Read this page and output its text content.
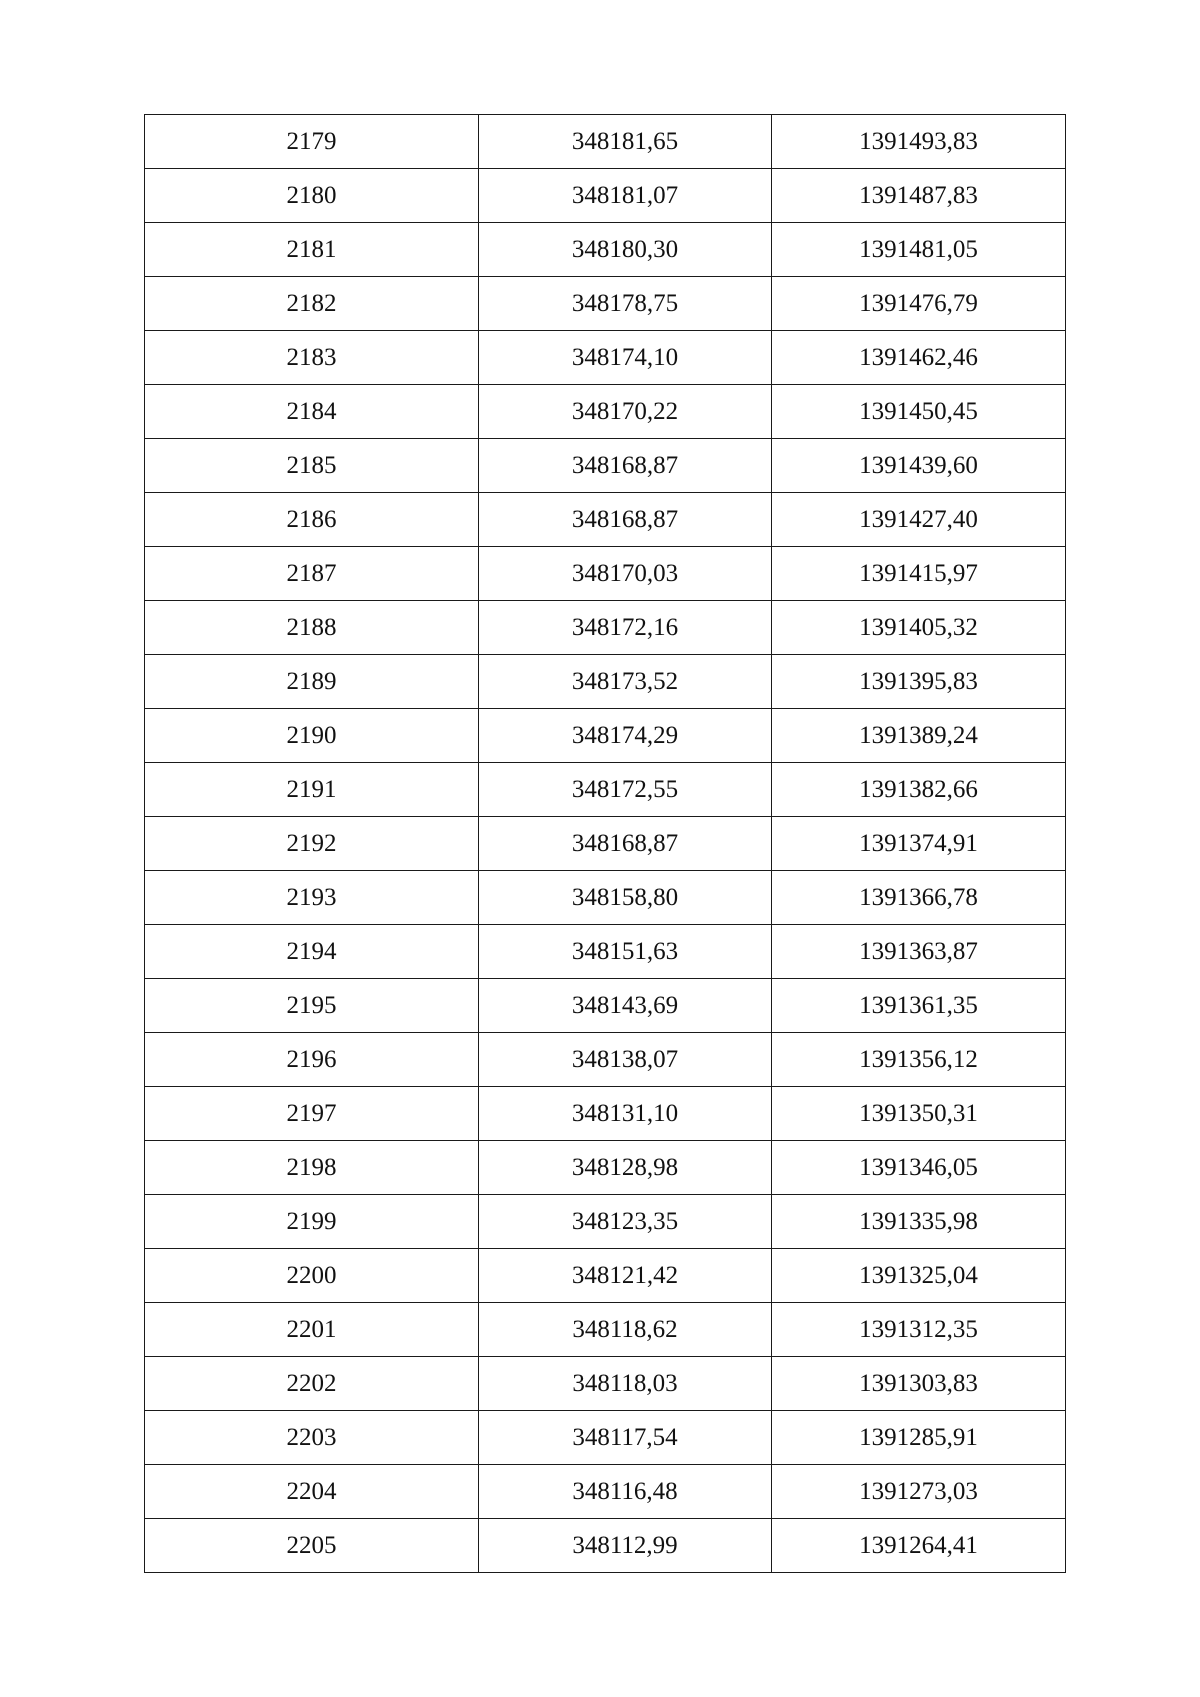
2179	348181,65	1391493,83
2180	348181,07	1391487,83
2181	348180,30	1391481,05
2182	348178,75	1391476,79
2183	348174,10	1391462,46
2184	348170,22	1391450,45
2185	348168,87	1391439,60
2186	348168,87	1391427,40
2187	348170,03	1391415,97
2188	348172,16	1391405,32
2189	348173,52	1391395,83
2190	348174,29	1391389,24
2191	348172,55	1391382,66
2192	348168,87	1391374,91
2193	348158,80	1391366,78
2194	348151,63	1391363,87
2195	348143,69	1391361,35
2196	348138,07	1391356,12
2197	348131,10	1391350,31
2198	348128,98	1391346,05
2199	348123,35	1391335,98
2200	348121,42	1391325,04
2201	348118,62	1391312,35
2202	348118,03	1391303,83
2203	348117,54	1391285,91
2204	348116,48	1391273,03
2205	348112,99	1391264,41
